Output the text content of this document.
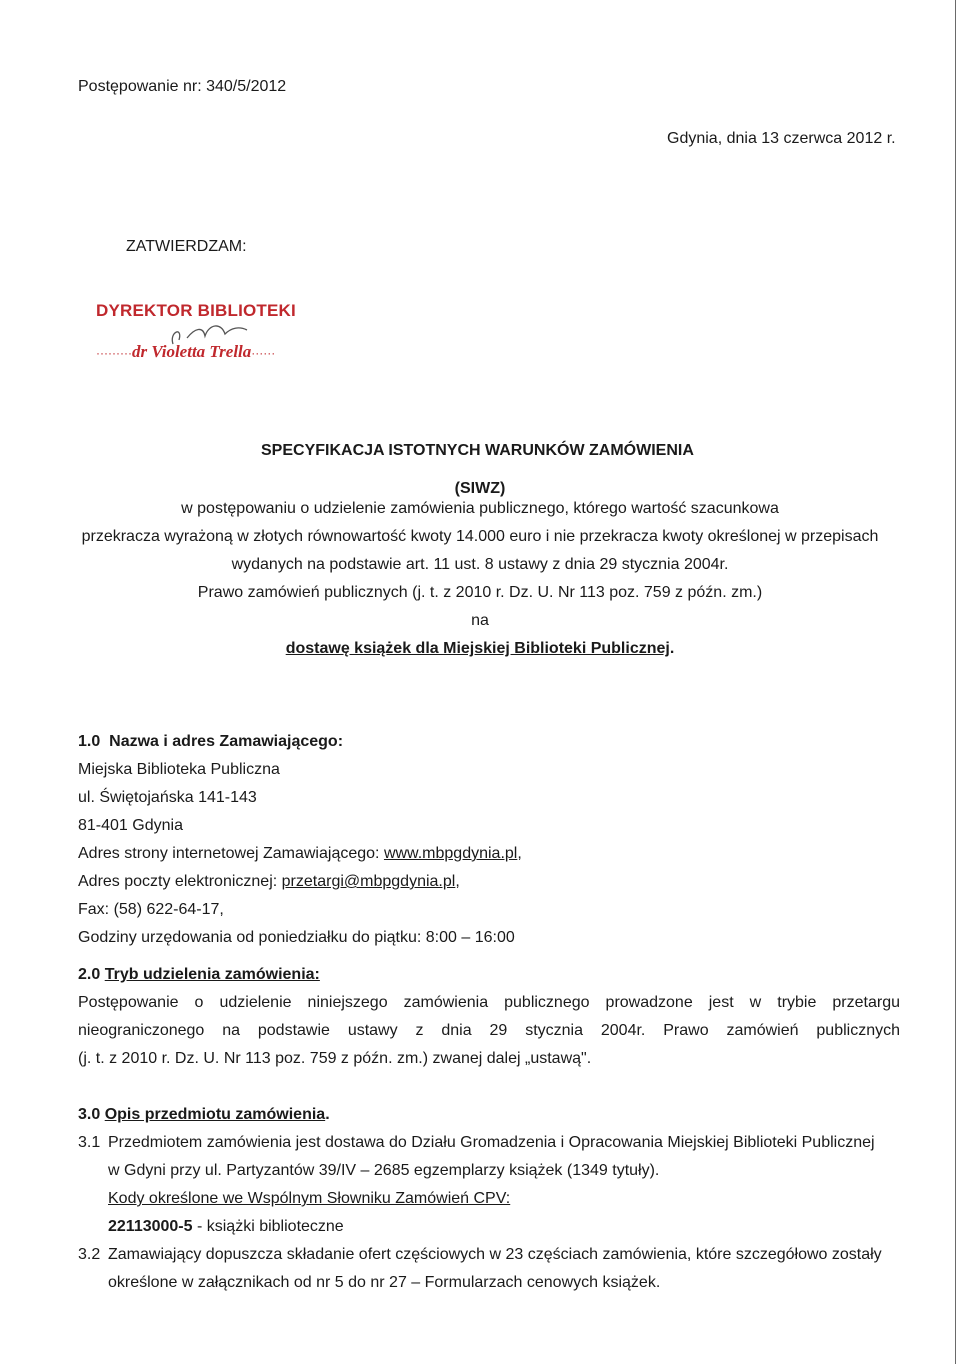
Postępowanie nr: 340/5/2012
Gdynia, dnia 13 czerwca 2012 r.
ZATWIERDZAM:
DYREKTOR BIBLIOTEKI
·········dr Violetta Trella······
SPECYFIKACJA ISTOTNYCH WARUNKÓW ZAMÓWIENIA
(SIWZ)
w postępowaniu o udzielenie zamówienia publicznego, którego wartość szacunkowa
przekracza wyrażoną w złotych równowartość kwoty 14.000 euro i nie przekracza kwoty określonej w przepisach
wydanych na podstawie art. 11 ust. 8 ustawy z dnia 29 stycznia 2004r.
Prawo zamówień publicznych (j. t. z 2010 r. Dz. U. Nr 113 poz. 759 z późn. zm.)
na
dostawę książek dla Miejskiej Biblioteki Publicznej.
1.0 Nazwa i adres Zamawiającego:
Miejska Biblioteka Publiczna
ul. Świętojańska 141-143
81-401 Gdynia
Adres strony internetowej Zamawiającego: www.mbpgdynia.pl,
Adres poczty elektronicznej: przetargi@mbpgdynia.pl,
Fax: (58) 622-64-17,
Godziny urzędowania od poniedziałku do piątku: 8:00 – 16:00
2.0 Tryb udzielenia zamówienia:
Postępowanie o udzielenie niniejszego zamówienia publicznego prowadzone jest w trybie przetargu
nieograniczonego na podstawie ustawy z dnia 29 stycznia 2004r. Prawo zamówień publicznych
(j. t. z 2010 r. Dz. U. Nr 113 poz. 759 z późn. zm.) zwanej dalej „ustawą".
3.0 Opis przedmiotu zamówienia.
3.1 Przedmiotem zamówienia jest dostawa do Działu Gromadzenia i Opracowania Miejskiej Biblioteki Publicznej
w Gdyni przy ul. Partyzantów 39/IV – 2685 egzemplarzy książek (1349 tytuły).
Kody określone we Wspólnym Słowniku Zamówień CPV:
22113000-5 - książki biblioteczne
3.2 Zamawiający dopuszcza składanie ofert częściowych w 23 częściach zamówienia, które szczegółowo zostały
określone w załącznikach od nr 5 do nr 27 – Formularzach cenowych książek.
